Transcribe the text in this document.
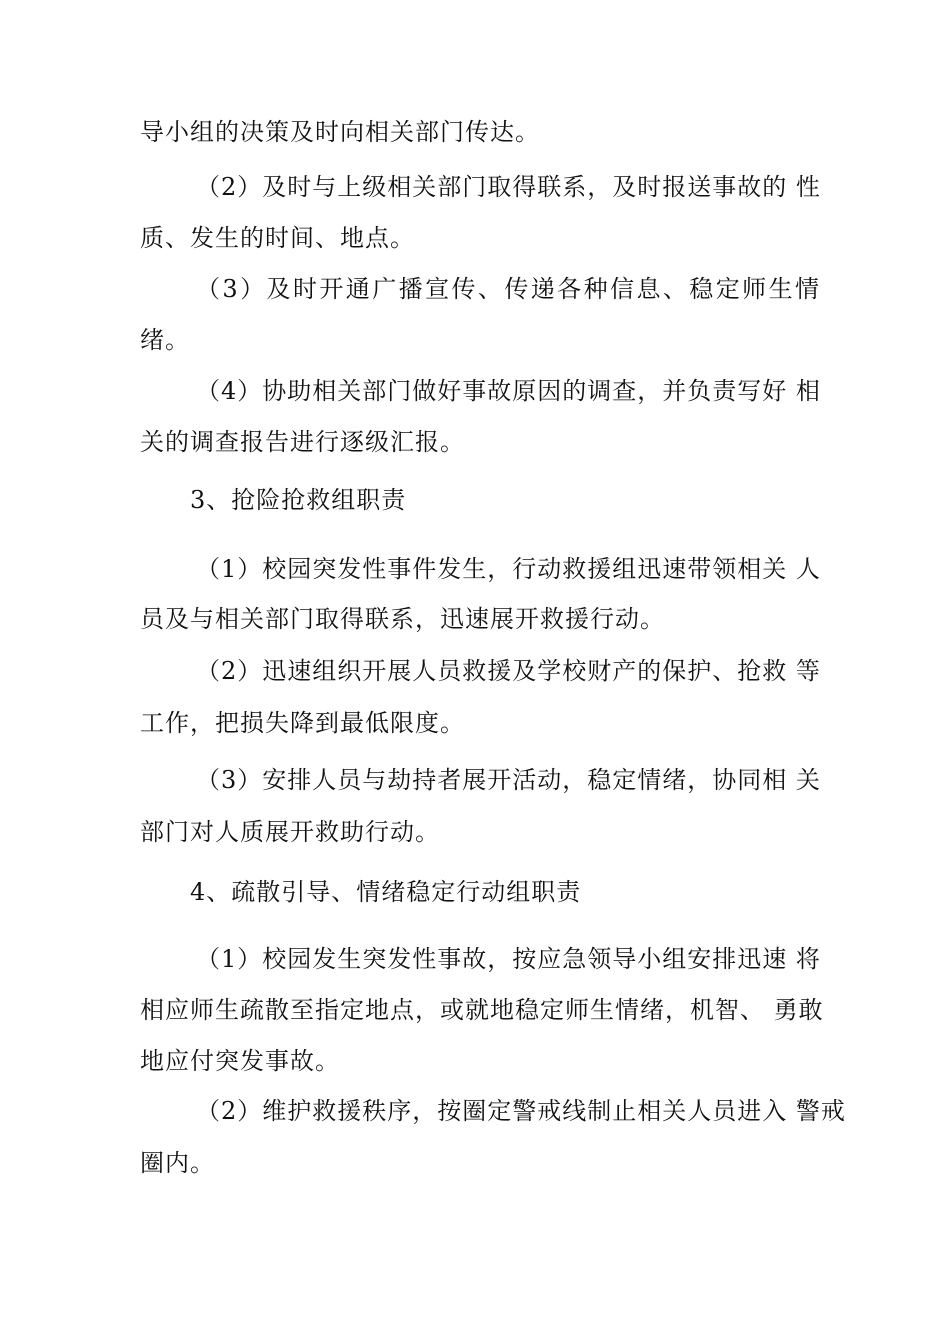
导小组的决策及时向相关部门传达。
（2）及时与上级相关部门取得联系，及时报送事故的 性
质、发生的时间、地点。
（3）及时开通广播宣传、传递各种信息、稳定师生情
绪。
（4）协助相关部门做好事故原因的调查，并负责写好 相
关的调查报告进行逐级汇报。
3、抢险抢救组职责
（1）校园突发性事件发生，行动救援组迅速带领相关 人
员及与相关部门取得联系，迅速展开救援行动。
（2）迅速组织开展人员救援及学校财产的保护、抢救 等
工作，把损失降到最低限度。
（3）安排人员与劫持者展开活动，稳定情绪，协同相 关
部门对人质展开救助行动。
4、疏散引导、情绪稳定行动组职责
（1）校园发生突发性事故，按应急领导小组安排迅速 将
相应师生疏散至指定地点，或就地稳定师生情绪，机智、 勇敢
地应付突发事故。
（2）维护救援秩序，按圈定警戒线制止相关人员进入 警戒
圈内。
